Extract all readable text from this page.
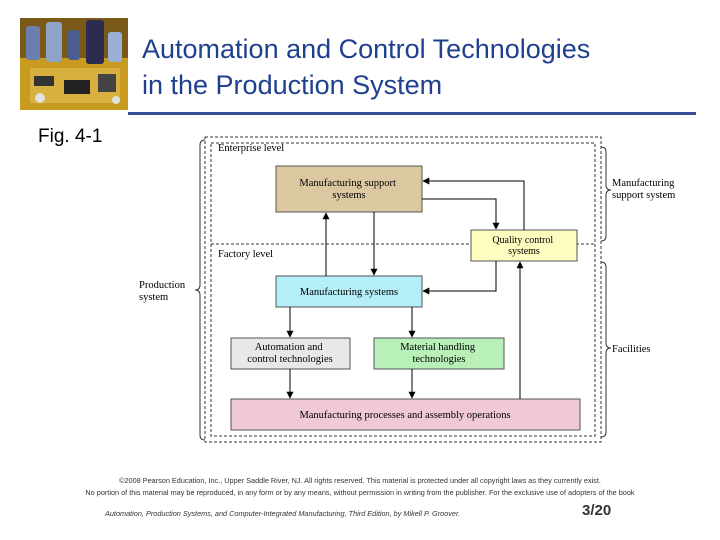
Automation and Control Technologies
in the Production System
Fig. 4-1
Enterprise level
Factory level
Manufacturing support systems
Quality control systems
Manufacturing systems
Automation and control technologies
Material handling technologies
Manufacturing processes and assembly operations
Manufacturing support system
Facilities
Production system
©2008 Pearson Education, Inc., Upper Saddle River, NJ. All rights reserved. This material is protected under all copyright laws as they currently exist.
No portion of this material may be reproduced, in any form or by any means, without permission in writing from the publisher. For the exclusive use of adopters of the book
Automation, Production Systems, and Computer-Integrated Manufacturing, Third Edition, by Mikell P. Groover.	3/20
